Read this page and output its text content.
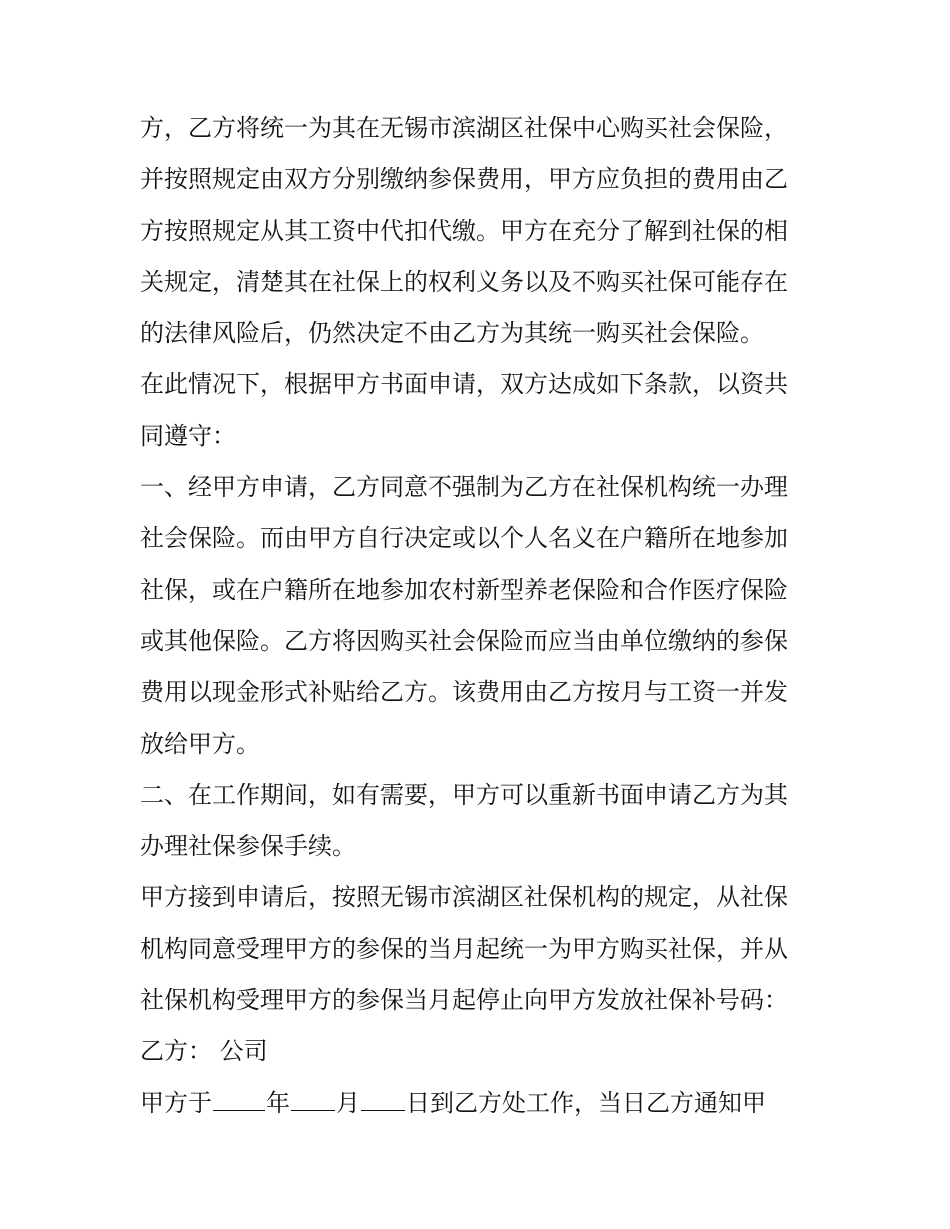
方，乙方将统一为其在无锡市滨湖区社保中心购买社会保险，
并按照规定由双方分别缴纳参保费用，甲方应负担的费用由乙
方按照规定从其工资中代扣代缴。甲方在充分了解到社保的相
关规定，清楚其在社保上的权利义务以及不购买社保可能存在
的法律风险后，仍然决定不由乙方为其统一购买社会保险。
在此情况下，根据甲方书面申请，双方达成如下条款，以资共
同遵守：
一、经甲方申请，乙方同意不强制为乙方在社保机构统一办理
社会保险。而由甲方自行决定或以个人名义在户籍所在地参加
社保，或在户籍所在地参加农村新型养老保险和合作医疗保险
或其他保险。乙方将因购买社会保险而应当由单位缴纳的参保
费用以现金形式补贴给乙方。该费用由乙方按月与工资一并发
放给甲方。
二、在工作期间，如有需要，甲方可以重新书面申请乙方为其
办理社保参保手续。
甲方接到申请后，按照无锡市滨湖区社保机构的规定，从社保
机构同意受理甲方的参保的当月起统一为甲方购买社保，并从
社保机构受理甲方的参保当月起停止向甲方发放社保补号码：
乙方： 公司
甲方于 年 月 日到乙方处工作，当日乙方通知甲
